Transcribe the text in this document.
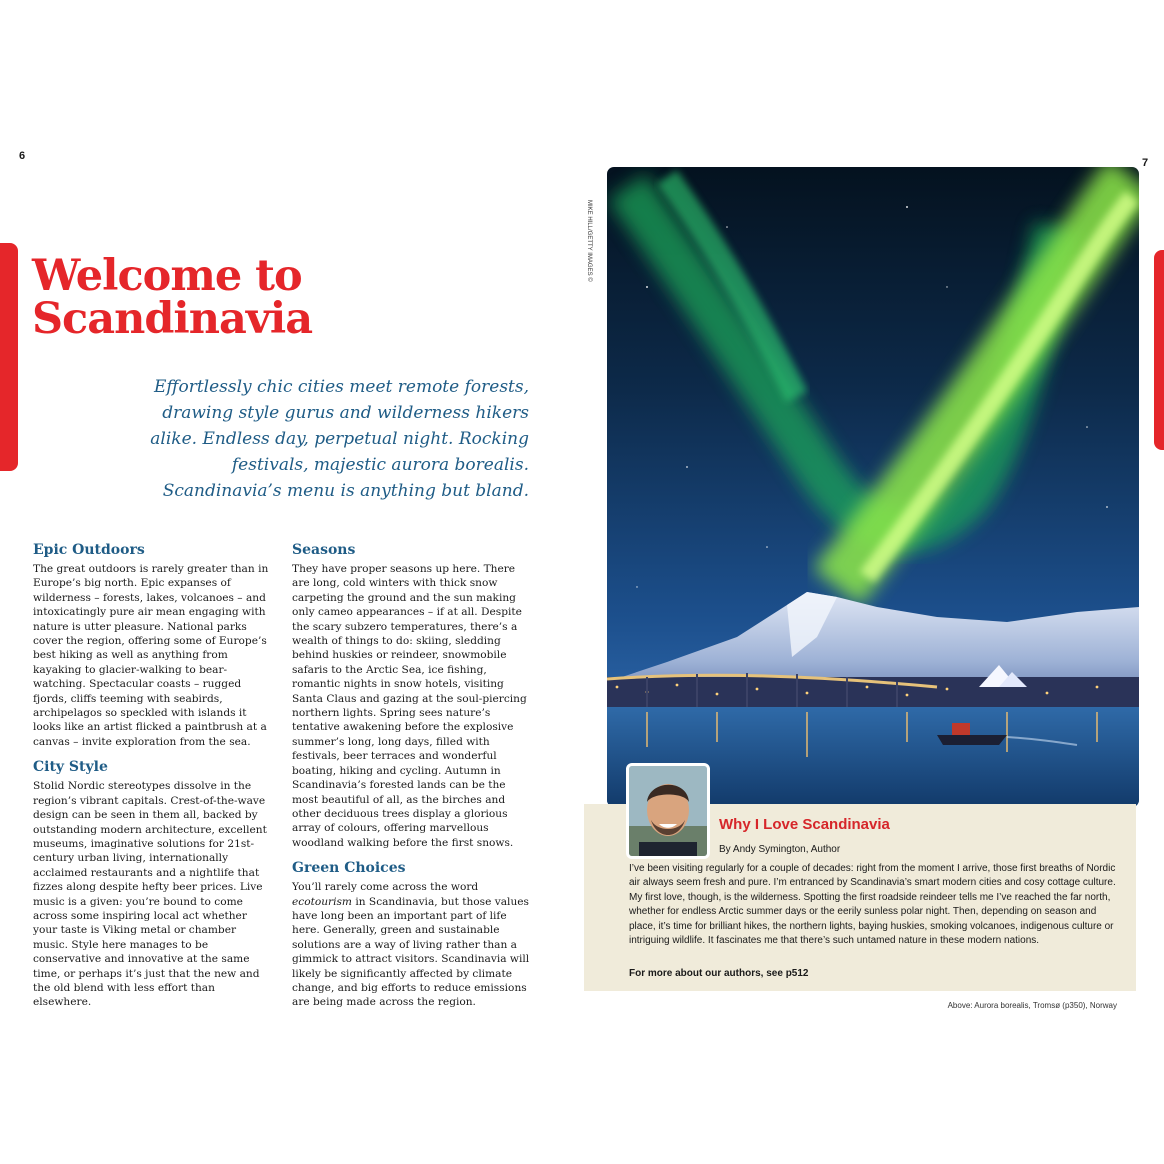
6
7
Welcome to
Scandinavia

Effortlessly chic cities meet remote forests, drawing style gurus and wilderness hikers alike. Endless day, perpetual night. Rocking festivals, majestic aurora borealis. Scandinavia’s menu is anything but bland.

Epic Outdoors

The great outdoors is rarely greater than in Europe’s big north. Epic expanses of wilderness – forests, lakes, volcanoes – and intoxicatingly pure air mean engaging with nature is utter pleasure. National parks cover the region, offering some of Europe’s best hiking as well as anything from kayaking to glacier-walking to bear-watching. Spectacular coasts – rugged fjords, cliffs teeming with seabirds, archipelagos so speckled with islands it looks like an artist flicked a paintbrush at a canvas – invite exploration from the sea.

City Style

Stolid Nordic stereotypes dissolve in the region’s vibrant capitals. Crest-of-the-wave design can be seen in them all, backed by outstanding modern architecture, excellent museums, imaginative solutions for 21st-century urban living, internationally acclaimed restaurants and a nightlife that fizzes along despite hefty beer prices. Live music is a given: you’re bound to come across some inspiring local act whether your taste is Viking metal or chamber music. Style here manages to be conservative and innovative at the same time, or perhaps it’s just that the new and the old blend with less effort than elsewhere.

Seasons

They have proper seasons up here. There are long, cold winters with thick snow carpeting the ground and the sun making only cameo appearances – if at all. Despite the scary subzero temperatures, there’s a wealth of things to do: skiing, sledding behind huskies or reindeer, snowmobile safaris to the Arctic Sea, ice fishing, romantic nights in snow hotels, visiting Santa Claus and gazing at the soul-piercing northern lights. Spring sees nature’s tentative awakening before the explosive summer’s long, long days, filled with festivals, beer terraces and wonderful boating, hiking and cycling. Autumn in Scandinavia’s forested lands can be the most beautiful of all, as the birches and other deciduous trees display a glorious array of colours, offering marvellous woodland walking before the first snows.

Green Choices

You’ll rarely come across the word ecotourism in Scandinavia, but those values have long been an important part of life here. Generally, green and sustainable solutions are a way of living rather than a gimmick to attract visitors. Scandinavia will likely be significantly affected by climate change, and big efforts to reduce emissions are being made across the region.

MIKE HILL/GETTY IMAGES ©
Why I Love Scandinavia
By Andy Symington, Author

I’ve been visiting regularly for a couple of decades: right from the moment I arrive, those first breaths of Nordic air always seem fresh and pure. I’m entranced by Scandinavia’s smart modern cities and cosy cottage culture. My first love, though, is the wilderness. Spotting the first roadside reindeer tells me I’ve reached the far north, whether for endless Arctic summer days or the eerily sunless polar night. Then, depending on season and place, it’s time for brilliant hikes, the northern lights, baying huskies, smoking volcanoes, indigenous culture or intriguing wildlife. It fascinates me that there’s such untamed nature in these modern nations.

For more about our authors, see p512
Above: Aurora borealis, Tromsø (p350), Norway
